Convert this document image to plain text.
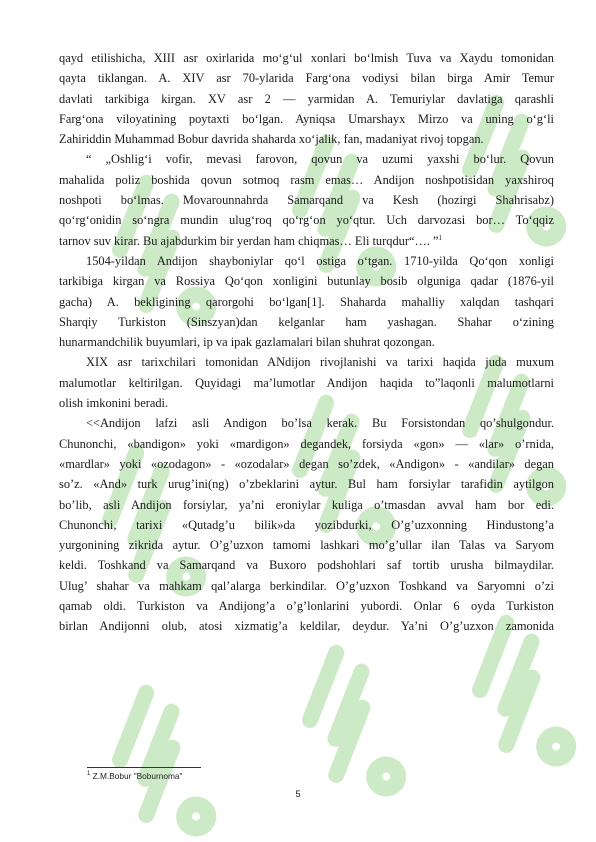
qayd etilishicha, XIII asr oxirlarida mo‘g‘ul xonlari bo‘lmish Tuva va Xaydu tomonidan
qayta tiklangan. A. XIV asr 70-ylarida Farg‘ona vodiysi bilan birga Amir Temur
davlati tarkibiga kirgan. XV asr 2 — yarmidan A. Temuriylar davlatiga qarashli
Farg‘ona viloyatining poytaxti bo‘lgan. Ayniqsa Umarshayx Mirzo va uning o‘g‘li
Zahiriddin Muhammad Bobur davrida shaharda xo‘jalik, fan, madaniyat rivoj topgan.
“ „Oshlig‘i vofir, mevasi farovon, qovun va uzumi yaxshi bo‘lur. Qovun
mahalida poliz boshida qovun sotmoq rasm emas… Andijon noshpotisidan yaxshiroq
noshpoti bo‘lmas. Movarounnahrda Samarqand va Kesh (hozirgi Shahrisabz)
qo‘rg‘onidin so‘ngra mundin ulug‘roq qo‘rg‘on yo‘qtur. Uch darvozasi bor… To‘qqiz
tarnov suv kirar. Bu ajabdurkim bir yerdan ham chiqmas… Eli turqdur“…. ”$^1$
1504-yildan Andijon shayboniylar qo‘l ostiga o‘tgan. 1710-yilda Qo‘qon xonligi
tarkibiga kirgan va Rossiya Qo‘qon xonligini butunlay bosib olguniga qadar (1876-yil
gacha) A. bekligining qarorgohi bo‘lgan[1]. Shaharda mahalliy xalqdan tashqari
Sharqiy Turkiston (Sinszyan)dan kelganlar ham yashagan. Shahar o‘zining
hunarmandchilik buyumlari, ip va ipak gazlamalari bilan shuhrat qozongan.
XIX asr tarixchilari tomonidan ANdijon rivojlanishi va tarixi haqida juda muxum
malumotlar keltirilgan. Quyidagi ma’lumotlar Andijon haqida to”laqonli malumotlarni
olish imkonini beradi.
<<Andijon lafzi asli Andigon bo’lsa kerak. Bu Forsistondan qo’shulgondur.
Chunonchi, «bandigon» yoki «mardigon» degandek, forsiyda «gon» — «lar» o’rnida,
«mardlar» yoki «ozodagon» - «ozodalar» degan so’zdek, «Andigon» - «andilar» degan
so’z. «And» turk urug’ini(ng) o’zbeklarini aytur. Bul ham forsiylar tarafidin aytilgon
bo’lib, asli Andijon forsiylar, ya’ni eroniylar kuliga o’tmasdan avval ham bor edi.
Chunonchi, tarixi «Qutadg’u bilik»da yozibdurki, O’g’uzxonning Hindustong’a
yurgonining zikrida aytur. O’g’uzxon tamomi lashkari mo’g’ullar ilan Talas va Saryom
keldi. Toshkand va Samarqand va Buxoro podshohlari saf tortib urusha bilmaydilar.
Ulug’ shahar va mahkam qal’alarga berkindilar. O’g’uzxon Toshkand va Saryomni o’zi
qamab oldi. Turkiston va Andijong’a o’g’lonlarini yubordi. Onlar 6 oyda Turkiston
birlan Andijonni olub, atosi xizmatig’a keldilar, deydur. Ya’ni O’g’uzxon zamonida
$^1$ Z.M.Bobur "Boburnoma"
5
